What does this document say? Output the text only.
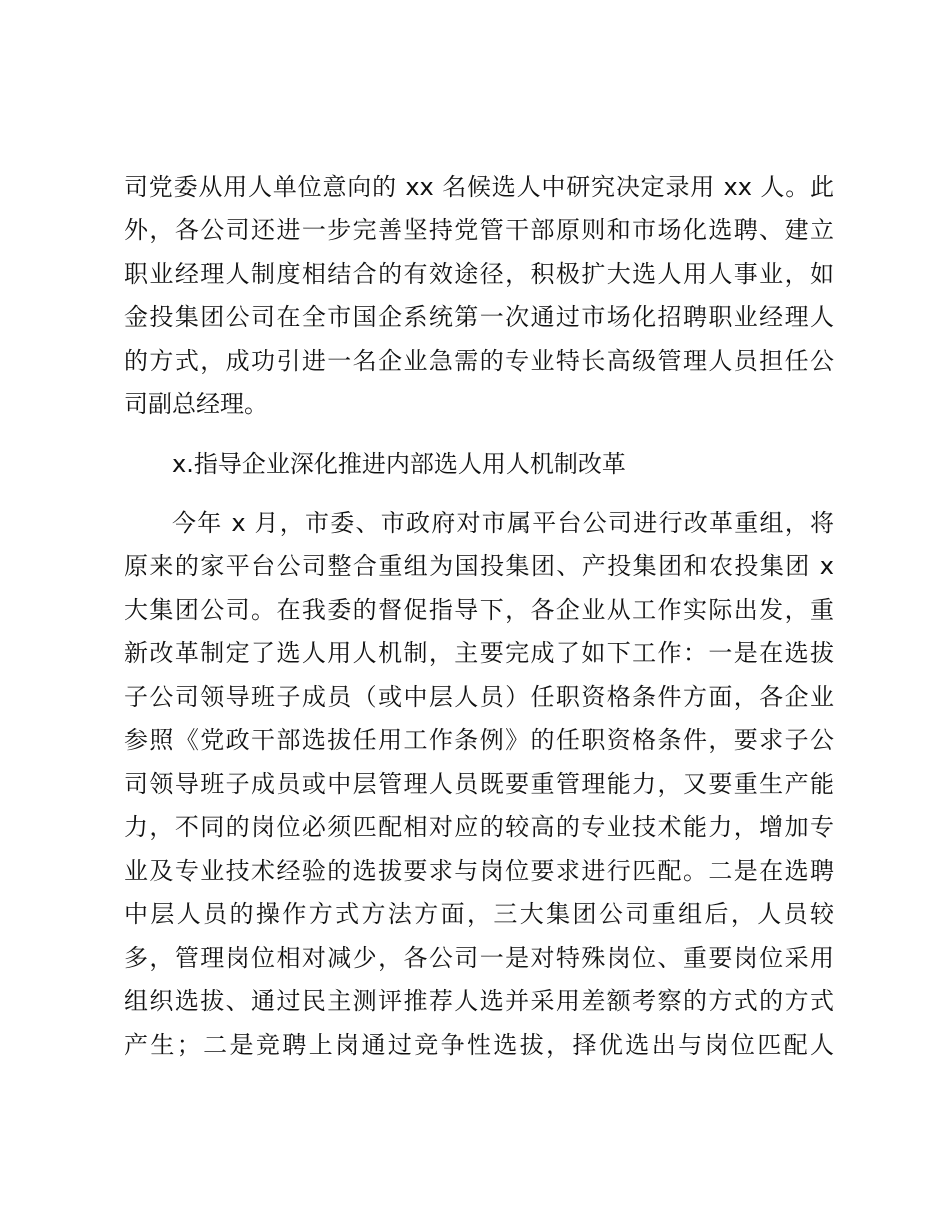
司党委从用人单位意向的 xx 名候选人中研究决定录用 xx 人。此
外，各公司还进一步完善坚持党管干部原则和市场化选聘、建立
职业经理人制度相结合的有效途径，积极扩大选人用人事业，如
金投集团公司在全市国企系统第一次通过市场化招聘职业经理人
的方式，成功引进一名企业急需的专业特长高级管理人员担任公
司副总经理。
x.指导企业深化推进内部选人用人机制改革
今年 x 月，市委、市政府对市属平台公司进行改革重组，将
原来的家平台公司整合重组为国投集团、产投集团和农投集团 x
大集团公司。在我委的督促指导下，各企业从工作实际出发，重
新改革制定了选人用人机制，主要完成了如下工作：一是在选拔
子公司领导班子成员（或中层人员）任职资格条件方面，各企业
参照《党政干部选拔任用工作条例》的任职资格条件，要求子公
司领导班子成员或中层管理人员既要重管理能力，又要重生产能
力，不同的岗位必须匹配相对应的较高的专业技术能力，增加专
业及专业技术经验的选拔要求与岗位要求进行匹配。二是在选聘
中层人员的操作方式方法方面，三大集团公司重组后，人员较
多，管理岗位相对减少，各公司一是对特殊岗位、重要岗位采用
组织选拔、通过民主测评推荐人选并采用差额考察的方式的方式
产生；二是竞聘上岗通过竞争性选拔，择优选出与岗位匹配人
